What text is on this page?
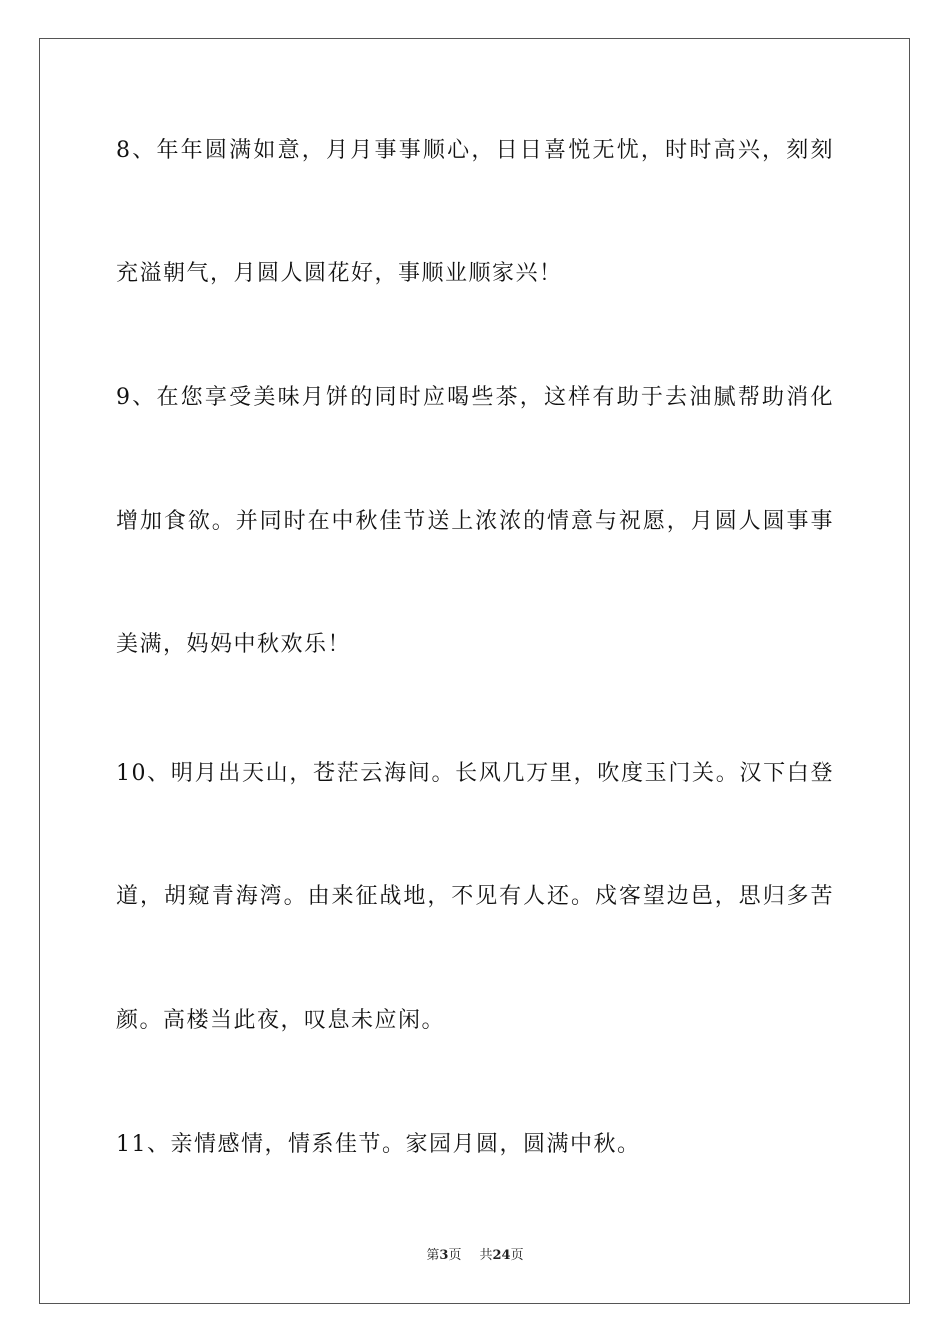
8、年年圆满如意，月月事事顺心，日日喜悦无忧，时时高兴，刻刻
充溢朝气，月圆人圆花好，事顺业顺家兴！
9、在您享受美味月饼的同时应喝些茶，这样有助于去油腻帮助消化
增加食欲。并同时在中秋佳节送上浓浓的情意与祝愿，月圆人圆事事
美满，妈妈中秋欢乐！
10、明月出天山，苍茫云海间。长风几万里，吹度玉门关。汉下白登
道，胡窥青海湾。由来征战地，不见有人还。戍客望边邑，思归多苦
颜。高楼当此夜，叹息未应闲。
11、亲情感情，情系佳节。家园月圆，圆满中秋。
第3页 共24页
